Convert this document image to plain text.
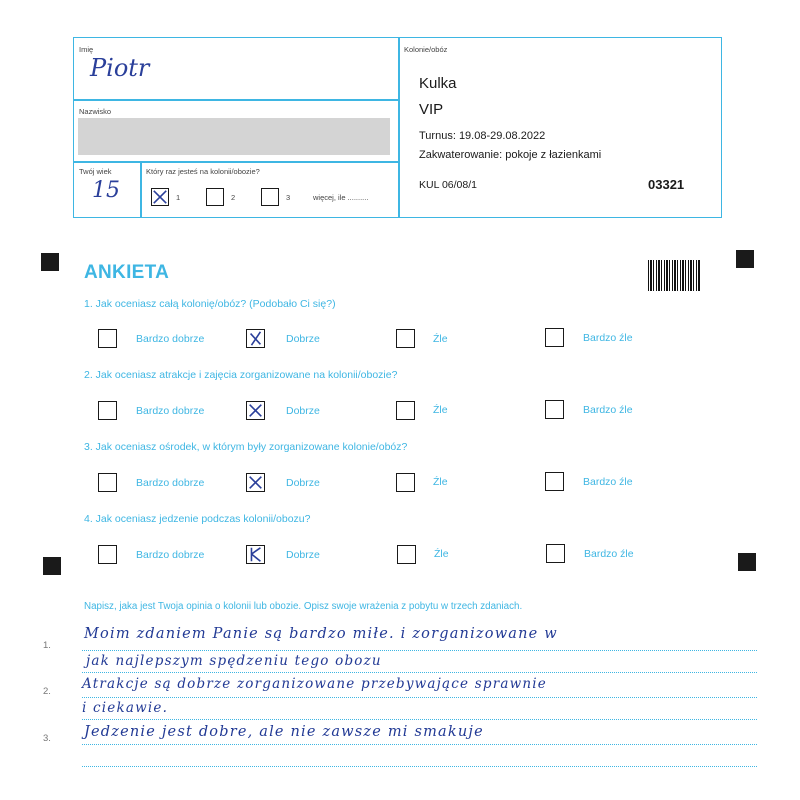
Imię
Piotr
Nazwisko
Twój wiek
15
Który raz jesteś na kolonii/obozie?
1	2	3	więcej, ile ..........
Kolonie/obóz
Kulka
VIP
Turnus: 19.08-29.08.2022
Zakwaterowanie: pokoje z łazienkami
KUL 06/08/1	03321
ANKIETA
1. Jak oceniasz całą kolonię/obóz? (Podobało Ci się?)
Bardzo dobrze	Dobrze	Źle	Bardzo źle
2. Jak oceniasz atrakcje i zajęcia zorganizowane na kolonii/obozie?
Bardzo dobrze	Dobrze	Źle	Bardzo źle
3. Jak oceniasz ośrodek, w którym były zorganizowane kolonie/obóz?
Bardzo dobrze	Dobrze	Źle	Bardzo źle
4. Jak oceniasz jedzenie podczas kolonii/obozu?
Bardzo dobrze	Dobrze	Źle	Bardzo źle
Napisz, jaka jest Twoja opinia o kolonii lub obozie. Opisz swoje wrażenia z pobytu w trzech zdaniach.
1.
2.
3.
Moim zdaniem Panie są bardzo miłe. i zorganizowane w
jak najlepszym spędzeniu tego obozu
Atrakcje są dobrze zorganizowane przebywające sprawnie
i ciekawie.
Jedzenie jest dobre, ale nie zawsze mi smakuje
